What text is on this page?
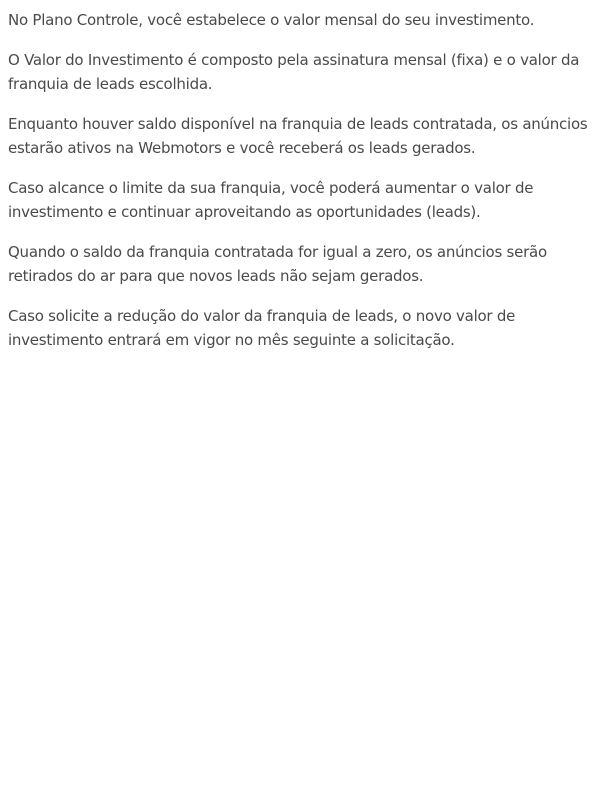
No Plano Controle, você estabelece o valor mensal do seu investimento.

O Valor do Investimento é composto pela assinatura mensal (fixa) e o valor da franquia de leads escolhida.

Enquanto houver saldo disponível na franquia de leads contratada, os anúncios estarão ativos na Webmotors e você receberá os leads gerados.

Caso alcance o limite da sua franquia, você poderá aumentar o valor de investimento e continuar aproveitando as oportunidades (leads).

Quando o saldo da franquia contratada for igual a zero, os anúncios serão retirados do ar para que novos leads não sejam gerados.

Caso solicite a redução do valor da franquia de leads, o novo valor de investimento entrará em vigor no mês seguinte a solicitação.
